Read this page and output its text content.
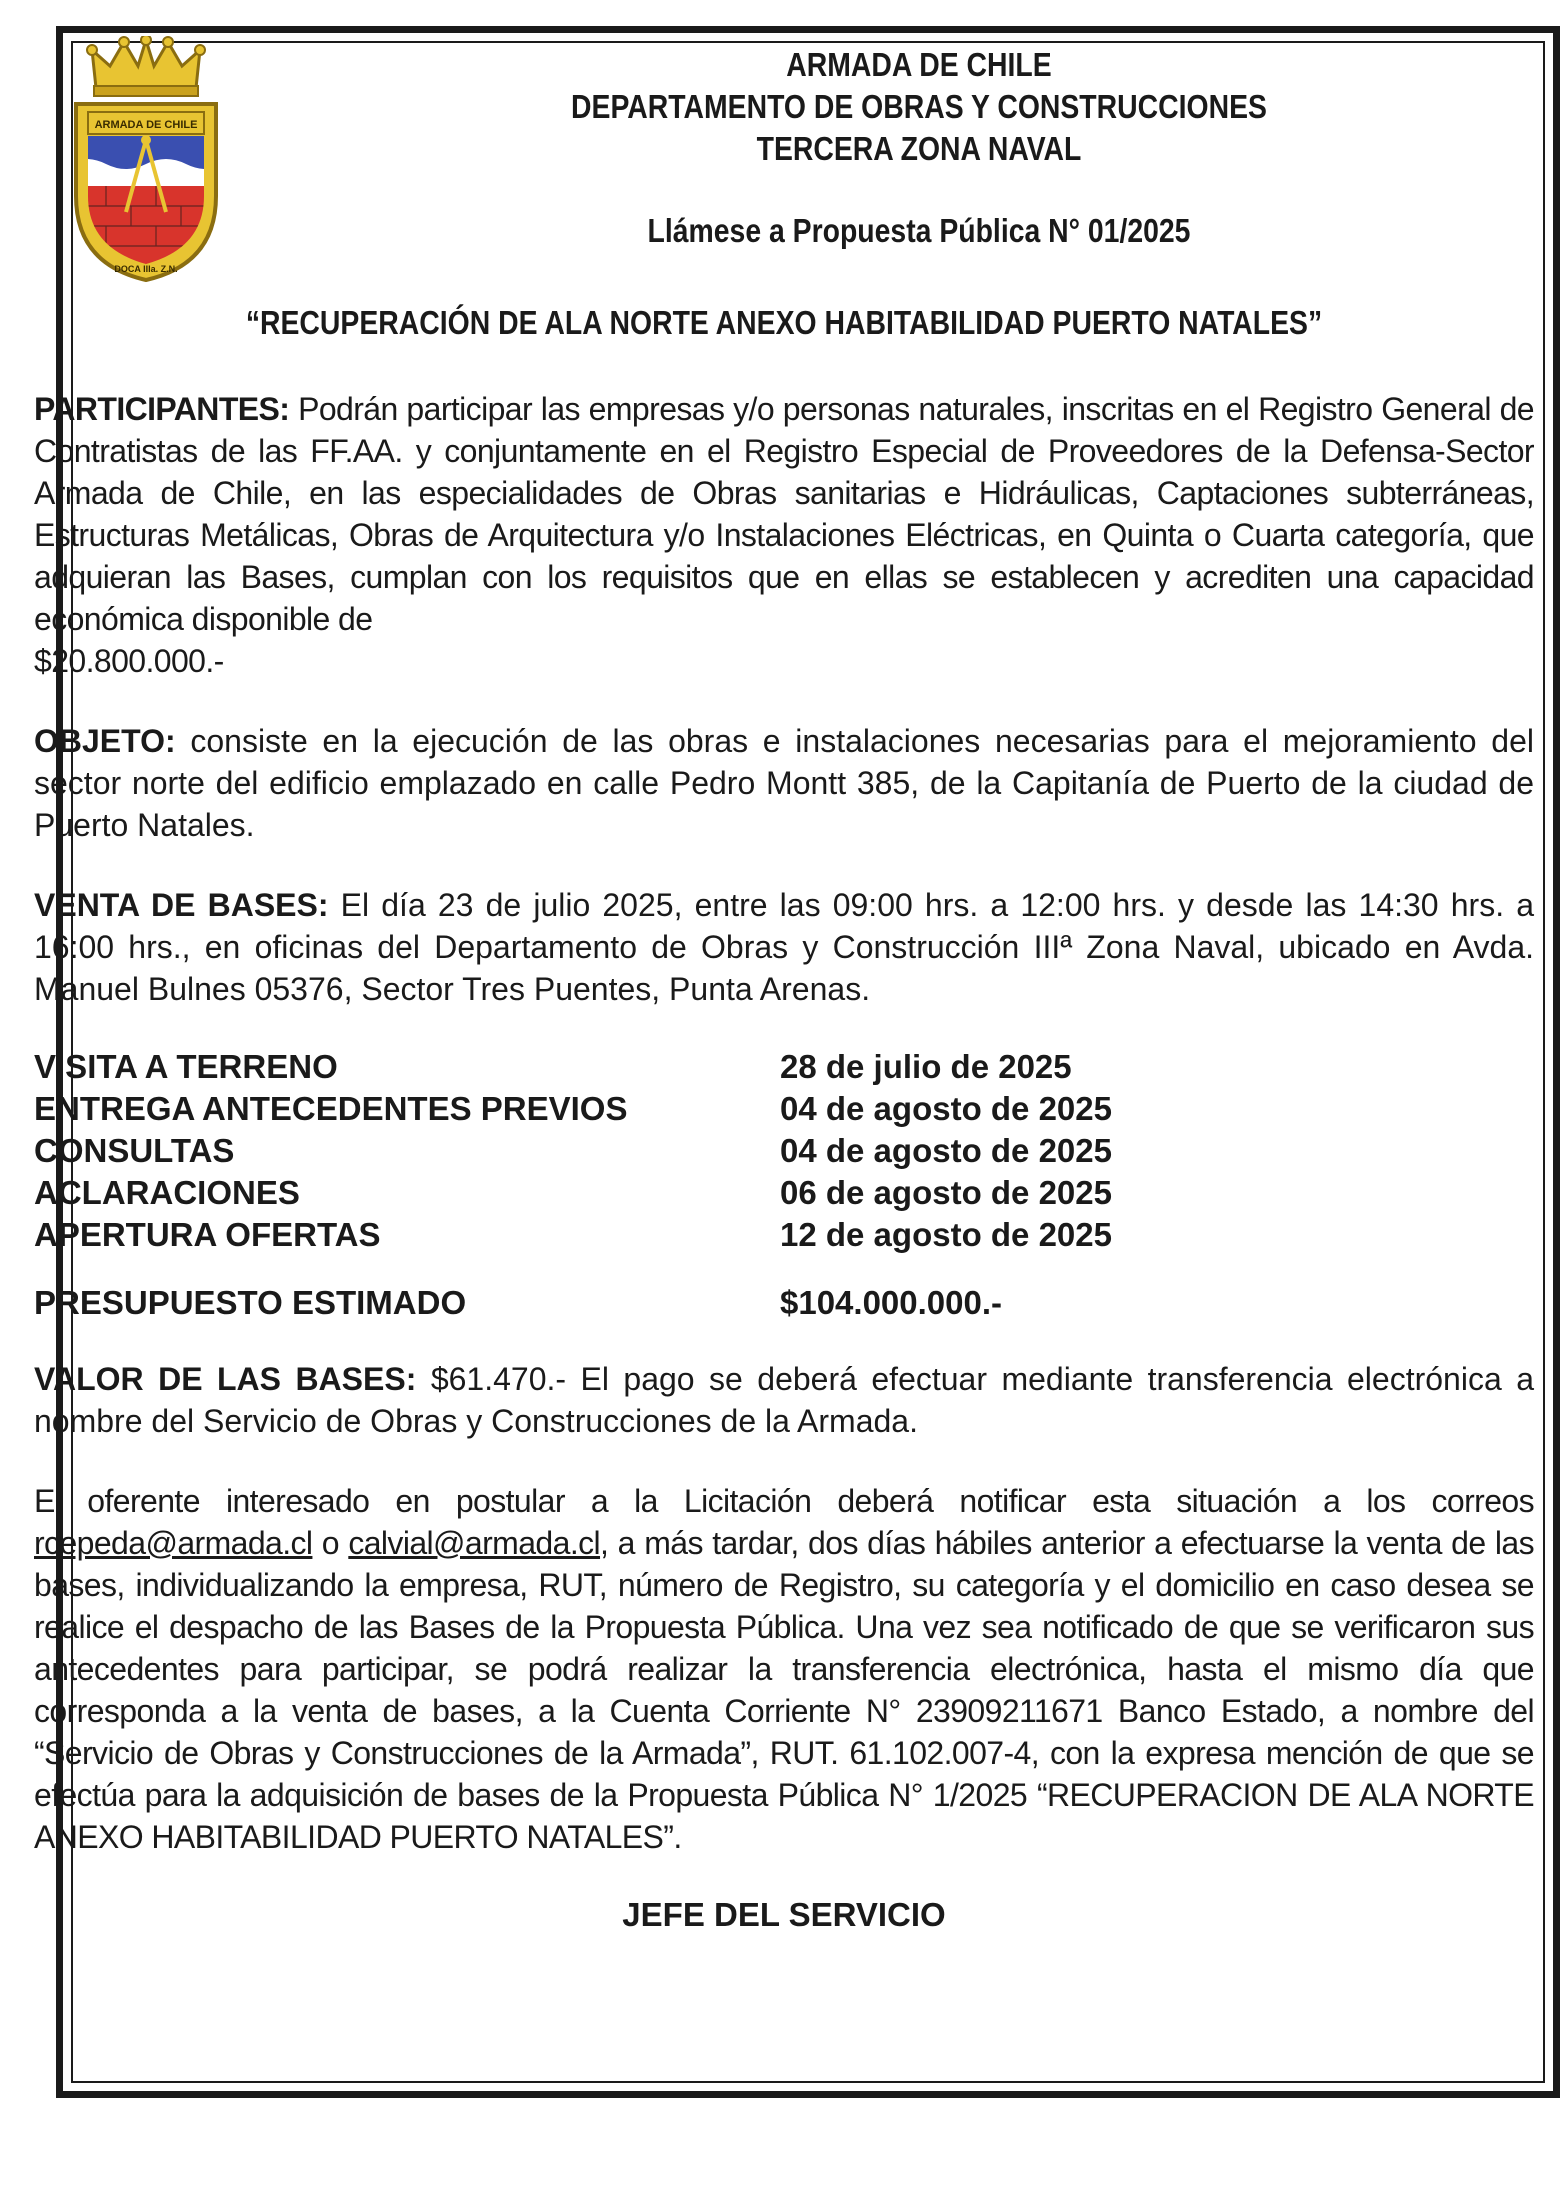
ARMADA DE CHILE
DOCA IIIa. Z.N.
ARMADA DE CHILE
DEPARTAMENTO DE OBRAS Y CONSTRUCCIONES
TERCERA ZONA NAVAL
Llámese a Propuesta Pública N° 01/2025
“RECUPERACIÓN DE ALA NORTE ANEXO HABITABILIDAD PUERTO NATALES”

PARTICIPANTES: Podrán participar las empresas y/o personas naturales, inscritas en el Registro General de Contratistas de las FF.AA. y conjuntamente en el Registro Especial de Proveedores de la Defensa-Sector Armada de Chile, en las especialidades de Obras sanitarias e Hidráulicas, Captaciones subterráneas, Estructuras Metálicas, Obras de Arquitectura y/o Instalaciones Eléctricas, en Quinta o Cuarta categoría, que adquieran las Bases, cumplan con los requisitos que en ellas se establecen y acrediten una capacidad económica disponible de
$20.800.000.-

OBJETO: consiste en la ejecución de las obras e instalaciones necesarias para el mejoramiento del sector norte del edificio emplazado en calle Pedro Montt 385, de la Capitanía de Puerto de la ciudad de Puerto Natales.

VENTA DE BASES: El día 23 de julio 2025, entre las 09:00 hrs. a 12:00 hrs. y desde las 14:30 hrs. a 16:00 hrs., en oficinas del Departamento de Obras y Construcción IIIª Zona Naval, ubicado en Avda. Manuel Bulnes 05376, Sector Tres Puentes, Punta Arenas.

VISITA A TERRENO	28 de julio de 2025
ENTREGA ANTECEDENTES PREVIOS	04 de agosto de 2025
CONSULTAS	04 de agosto de 2025
ACLARACIONES	06 de agosto de 2025
APERTURA OFERTAS	12 de agosto de 2025
PRESUPUESTO ESTIMADO	$104.000.000.-

VALOR DE LAS BASES: $61.470.- El pago se deberá efectuar mediante transferencia electrónica a nombre del Servicio de Obras y Construcciones de la Armada.

El oferente interesado en postular a la Licitación deberá notificar esta situación a los correos rcepeda@armada.cl o calvial@armada.cl, a más tardar, dos días hábiles anterior a efectuarse la venta de las bases, individualizando la empresa, RUT, número de Registro, su categoría y el domicilio en caso desea se realice el despacho de las Bases de la Propuesta Pública. Una vez sea notificado de que se verificaron sus antecedentes para participar, se podrá realizar la transferencia electrónica, hasta el mismo día que corresponda a la venta de bases, a la Cuenta Corriente N° 23909211671 Banco Estado, a nombre del “Servicio de Obras y Construcciones de la Armada”, RUT. 61.102.007-4, con la expresa mención de que se efectúa para la adquisición de bases de la Propuesta Pública N° 1/2025 “RECUPERACION DE ALA NORTE ANEXO HABITABILIDAD PUERTO NATALES”.

JEFE DEL SERVICIO
